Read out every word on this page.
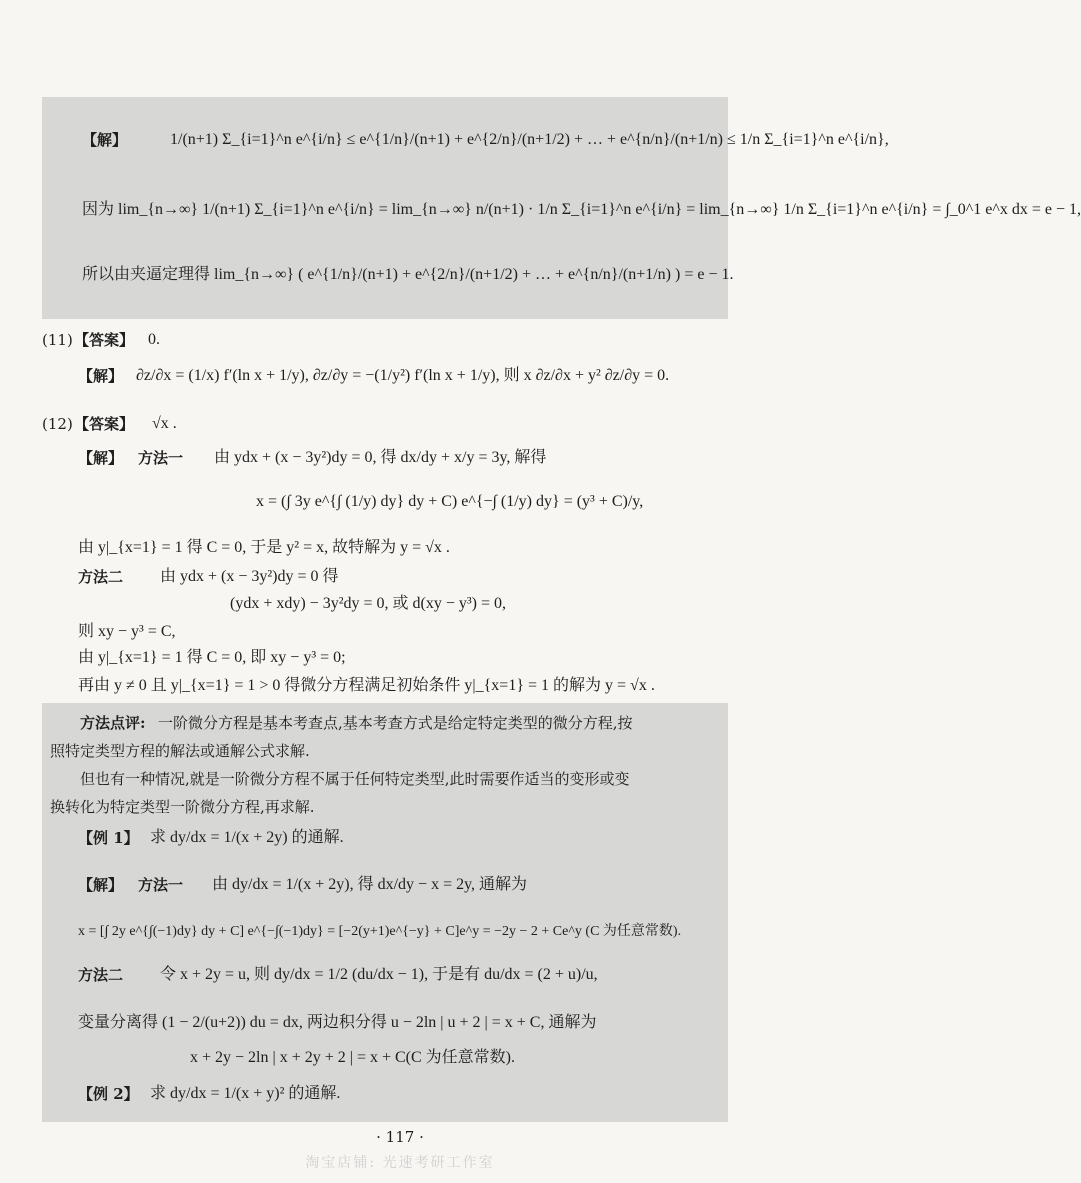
【解】	1/(n+1) Σ_{i=1}^n e^{i/n} ≤ e^{1/n}/(n+1) + e^{2/n}/(n+1/2) + … + e^{n/n}/(n+1/n) ≤ 1/n Σ_{i=1}^n e^{i/n},
因为 lim_{n→∞} 1/(n+1) Σ_{i=1}^n e^{i/n} = lim_{n→∞} n/(n+1) · 1/n Σ_{i=1}^n e^{i/n} = lim_{n→∞} 1/n Σ_{i=1}^n e^{i/n} = ∫_0^1 e^x dx = e − 1,
所以由夹逼定理得 lim_{n→∞} ( e^{1/n}/(n+1) + e^{2/n}/(n+1/2) + … + e^{n/n}/(n+1/n) ) = e − 1.
(11) 【答案】 0.
【解】 ∂z/∂x = (1/x) f′(ln x + 1/y), ∂z/∂y = −(1/y²) f′(ln x + 1/y), 则 x ∂z/∂x + y² ∂z/∂y = 0.
(12) 【答案】 √x .
【解】 方法一 由 ydx + (x − 3y²)dy = 0, 得 dx/dy + x/y = 3y, 解得
x = (∫ 3y e^{∫ (1/y) dy} dy + C) e^{−∫ (1/y) dy} = (y³ + C)/y,
由 y|_{x=1} = 1 得 C = 0, 于是 y² = x, 故特解为 y = √x .
方法二 由 ydx + (x − 3y²)dy = 0 得
(ydx + xdy) − 3y²dy = 0, 或 d(xy − y³) = 0,
则 xy − y³ = C,
由 y|_{x=1} = 1 得 C = 0, 即 xy − y³ = 0;
再由 y ≠ 0 且 y|_{x=1} = 1 > 0 得微分方程满足初始条件 y|_{x=1} = 1 的解为 y = √x .
方法点评: 一阶微分方程是基本考查点,基本考查方式是给定特定类型的微分方程,按
照特定类型方程的解法或通解公式求解.
但也有一种情况,就是一阶微分方程不属于任何特定类型,此时需要作适当的变形或变
换转化为特定类型一阶微分方程,再求解.
【例 1】 求 dy/dx = 1/(x + 2y) 的通解.
【解】 方法一 由 dy/dx = 1/(x + 2y), 得 dx/dy − x = 2y, 通解为
x = [∫ 2y e^{∫(−1)dy} dy + C] e^{−∫(−1)dy} = [−2(y+1)e^{−y} + C]e^y = −2y − 2 + Ce^y (C 为任意常数).
方法二 令 x + 2y = u, 则 dy/dx = 1/2 (du/dx − 1), 于是有 du/dx = (2 + u)/u,
变量分离得 (1 − 2/(u+2)) du = dx, 两边积分得 u − 2ln | u + 2 | = x + C, 通解为
x + 2y − 2ln | x + 2y + 2 | = x + C(C 为任意常数).
【例 2】 求 dy/dx = 1/(x + y)² 的通解.
· 117 ·
淘宝店铺: 光速考研工作室
